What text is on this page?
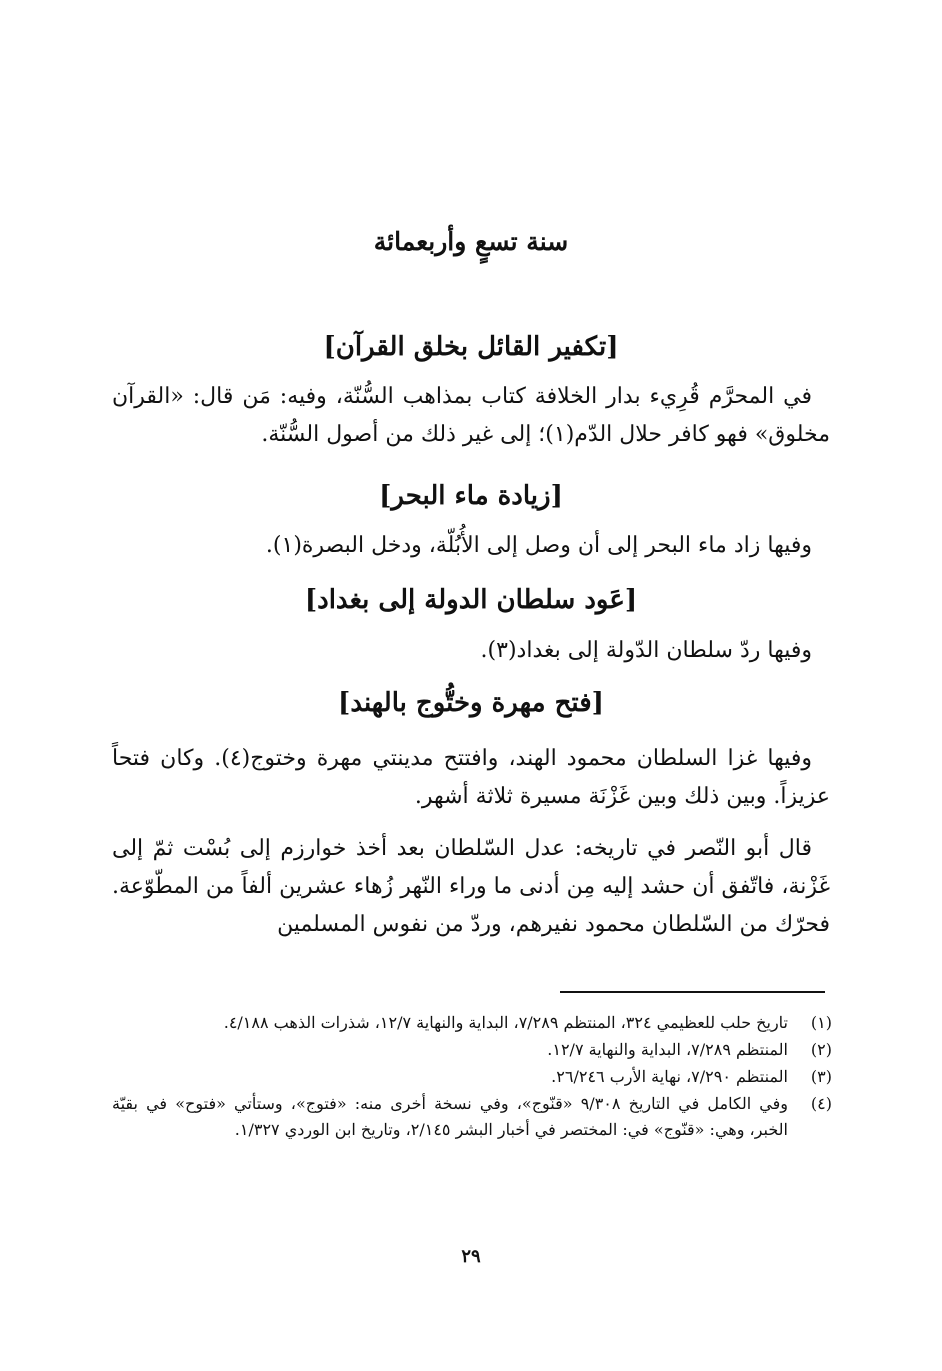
سنة تسعٍ وأربعمائة
[تكفير القائل بخلق القرآن]

في المحرَّم قُرِيء بدار الخلافة كتاب بمذاهب السُّنّة، وفيه: مَن قال: «القرآن مخلوق» فهو كافر حلال الدّم(١)؛ إلى غير ذلك من أصول السُّنّة.

[زيادة ماء البحر]

وفيها زاد ماء البحر إلى أن وصل إلى الأُبُلّة، ودخل البصرة(١).

[عَود سلطان الدولة إلى بغداد]

وفيها ردّ سلطان الدّولة إلى بغداد(٣).

[فتح مهرة وختُّوج بالهند]

وفيها غزا السلطان محمود الهند، وافتتح مدينتي مهرة وختوج(٤). وكان فتحاً عزيزاً. وبين ذلك وبين غَزْنَة مسيرة ثلاثة أشهر.

قال أبو النّصر في تاريخه: عدل السّلطان بعد أخذ خوارزم إلى بُسْت ثمّ إلى غَزْنة، فاتّفق أن حشد إليه مِن أدنى ما وراء النّهر زُهاء عشرين ألفاً من المطّوّعة. فحرّك من السّلطان محمود نفيرهم، وردّ من نفوس المسلمين

(١)
تاريخ حلب للعظيمي ٣٢٤، المنتظم ٧/٢٨٩، البداية والنهاية ١٢/٧، شذرات الذهب ٤/١٨٨.
(٢)
المنتظم ٧/٢٨٩، البداية والنهاية ١٢/٧.
(٣)
المنتظم ٧/٢٩٠، نهاية الأرب ٢٦/٢٤٦.
(٤)
وفي الكامل في التاريخ ٩/٣٠٨ «قنّوج»، وفي نسخة أخرى منه: «فتوج»، وستأتي «فتوح» في بقيّة الخبر، وهي: «قنّوج» في: المختصر في أخبار البشر ٢/١٤٥، وتاريخ ابن الوردي ١/٣٢٧.
٢٩
